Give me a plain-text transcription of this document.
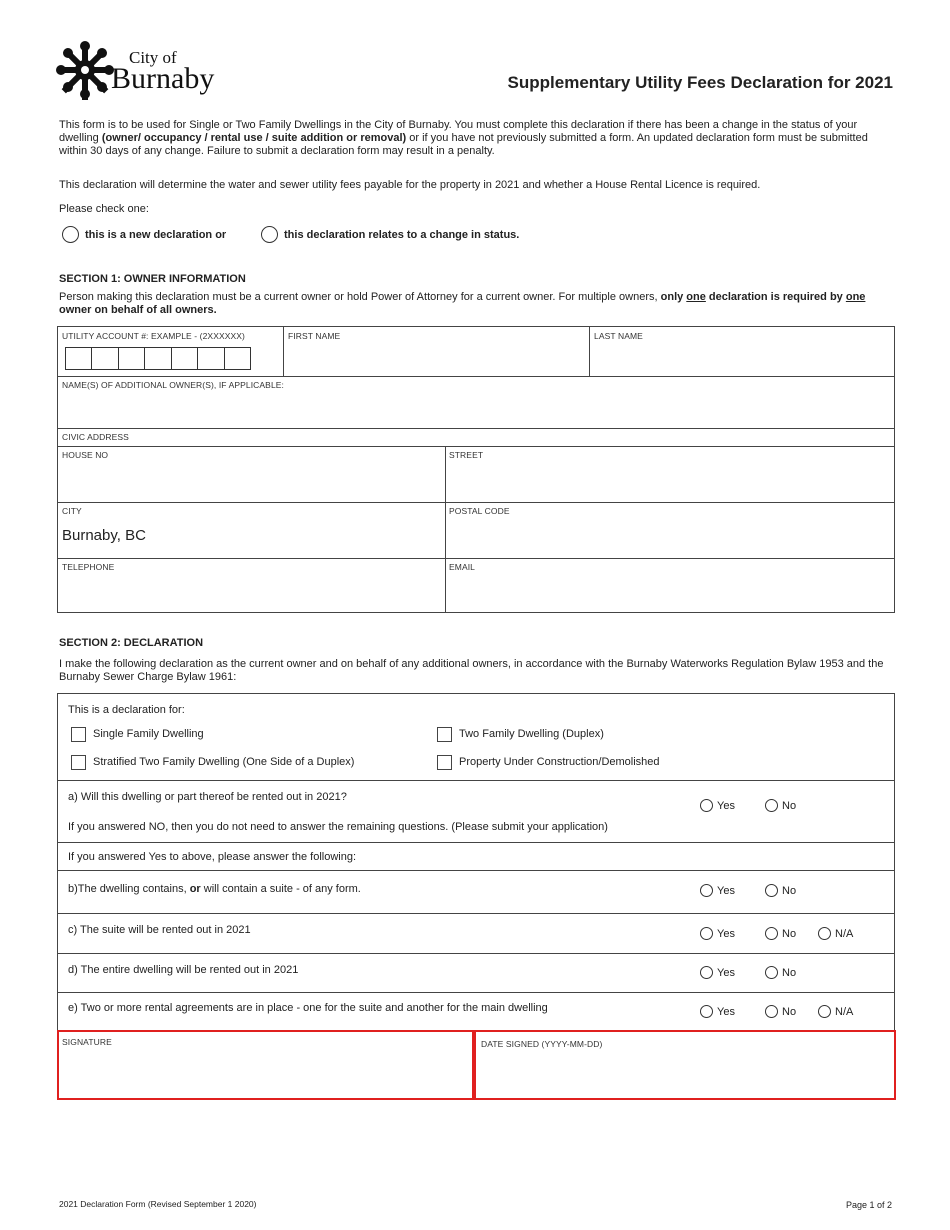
City of
Burnaby	Supplementary Utility Fees Declaration for 2021
This form is to be used for Single or Two Family Dwellings in the City of Burnaby. You must complete this declaration if there has been a change in the status of your dwelling (owner/ occupancy / rental use / suite addition or removal) or if you have not previously submitted a form. An updated declaration form must be submitted within 30 days of any change. Failure to submit a declaration form may result in a penalty.
This declaration will determine the water and sewer utility fees payable for the property in 2021 and whether a House Rental Licence is required.
Please check one:
this is a new declaration or	this declaration relates to a change in status.
SECTION 1: OWNER INFORMATION
Person making this declaration must be a current owner or hold Power of Attorney for a current owner. For multiple owners, only one declaration is required by one owner on behalf of all owners.
UTILITY ACCOUNT #: EXAMPLE - (2XXXXXX)	FIRST NAME	LAST NAME
NAME(S) OF ADDITIONAL OWNER(S), IF APPLICABLE:
CIVIC ADDRESS
HOUSE NO	STREET
CITY
Burnaby, BC
POSTAL CODE
TELEPHONE	EMAIL
SECTION 2: DECLARATION
I make the following declaration as the current owner and on behalf of any additional owners, in accordance with the Burnaby Waterworks Regulation Bylaw 1953 and the Burnaby Sewer Charge Bylaw 1961:
This is a declaration for:
Single Family Dwelling	Two Family Dwelling (Duplex)
Stratified Two Family Dwelling (One Side of a Duplex)	Property Under Construction/Demolished
a) Will this dwelling or part thereof be rented out in 2021?
If you answered NO, then you do not need to answer the remaining questions. (Please submit your application)
Yes	No
If you answered Yes to above, please answer the following:
b)The dwelling contains, or will contain a suite - of any form.	Yes	No
c) The suite will be rented out in 2021	Yes	No	N/A
d) The entire dwelling will be rented out in 2021	Yes	No
e) Two or more rental agreements are in place - one for the suite and another for the main dwelling	Yes	No	N/A
SIGNATURE	DATE SIGNED (YYYY-MM-DD)
2021 Declaration Form (Revised September 1 2020)	Page 1 of 2
